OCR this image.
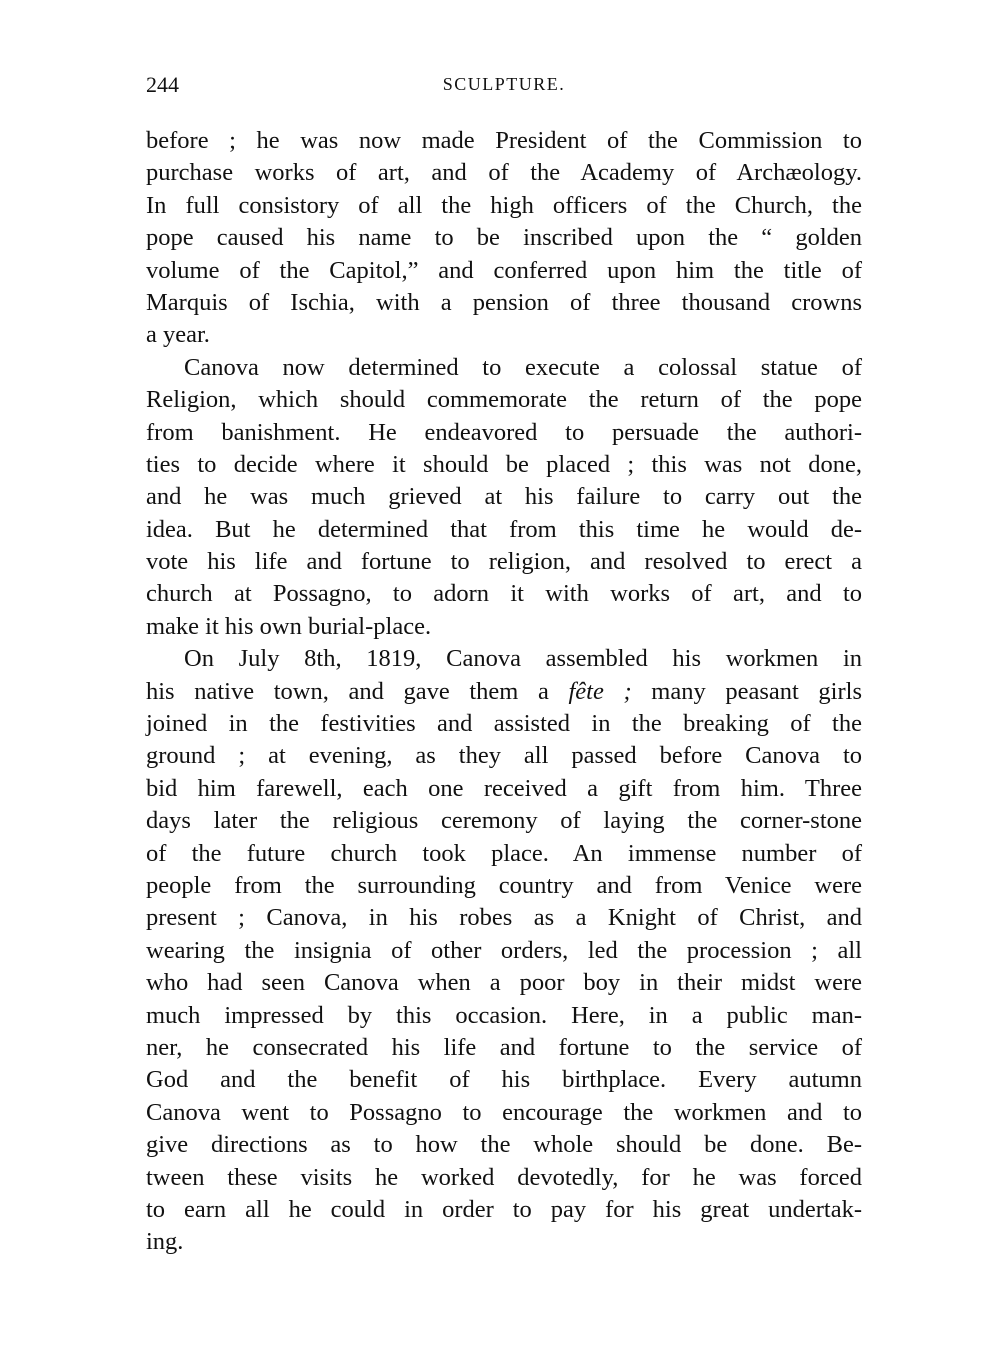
244	SCULPTURE.
before ; he was now made President of the Commission to
purchase works of art, and of the Academy of Archæology.
In full consistory of all the high officers of the Church, the
pope caused his name to be inscribed upon the “ golden
volume of the Capitol,” and conferred upon him the title of
Marquis of Ischia, with a pension of three thousand crowns
a year.
Canova now determined to execute a colossal statue of
Religion, which should commemorate the return of the pope
from banishment. He endeavored to persuade the authori-
ties to decide where it should be placed ; this was not done,
and he was much grieved at his failure to carry out the
idea. But he determined that from this time he would de-
vote his life and fortune to religion, and resolved to erect a
church at Possagno, to adorn it with works of art, and to
make it his own burial-place.
On July 8th, 1819, Canova assembled his workmen in
his native town, and gave them a fête ; many peasant girls
joined in the festivities and assisted in the breaking of the
ground ; at evening, as they all passed before Canova to
bid him farewell, each one received a gift from him. Three
days later the religious ceremony of laying the corner-stone
of the future church took place. An immense number of
people from the surrounding country and from Venice were
present ; Canova, in his robes as a Knight of Christ, and
wearing the insignia of other orders, led the procession ; all
who had seen Canova when a poor boy in their midst were
much impressed by this occasion. Here, in a public man-
ner, he consecrated his life and fortune to the service of
God and the benefit of his birthplace. Every autumn
Canova went to Possagno to encourage the workmen and to
give directions as to how the whole should be done. Be-
tween these visits he worked devotedly, for he was forced
to earn all he could in order to pay for his great undertak-
ing.
